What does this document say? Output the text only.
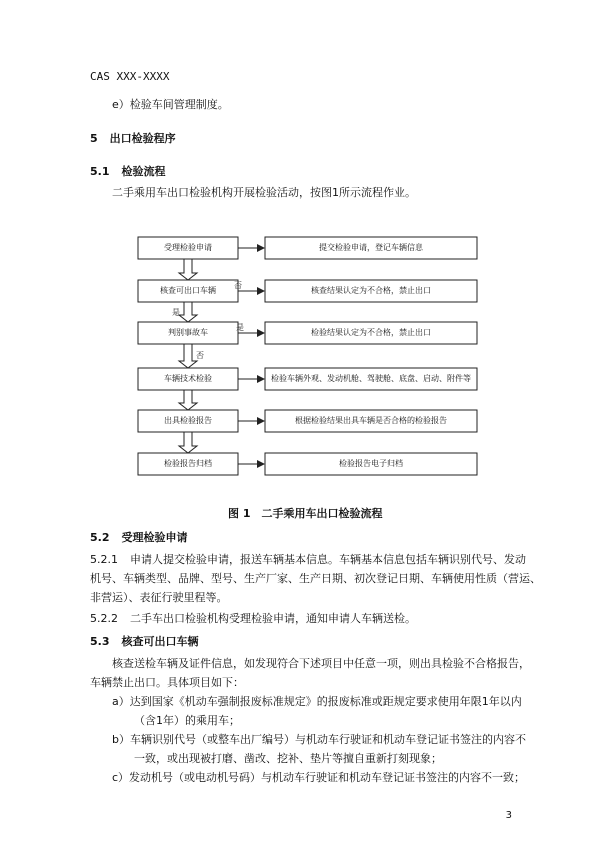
CAS XXX-XXXX
e）检验车间管理制度。
5 出口检验程序
5.1 检验流程
二手乘用车出口检验机构开展检验活动，按图1所示流程作业。
受理检验申请	提交检验申请，登记车辆信息
核查可出口车辆	核查结果认定为不合格，禁止出口
判别事故车	检验结果认定为不合格，禁止出口
车辆技术检验	检验车辆外观、发动机舱、驾驶舱、底盘、启动、附件等
出具检验报告	根据检验结果出具车辆是否合格的检验报告
检验报告归档	检验报告电子归档
否
是
是
否
图 1　二手乘用车出口检验流程
5.2 受理检验申请
5.2.1 申请人提交检验申请，报送车辆基本信息。车辆基本信息包括车辆识别代号、发动
机号、车辆类型、品牌、型号、生产厂家、生产日期、初次登记日期、车辆使用性质（营运、
非营运）、表征行驶里程等。
5.2.2 二手车出口检验机构受理检验申请，通知申请人车辆送检。
5.3 核查可出口车辆
核查送检车辆及证件信息，如发现符合下述项目中任意一项，则出具检验不合格报告，
车辆禁止出口。具体项目如下：
a）达到国家《机动车强制报废标准规定》的报废标准或距规定要求使用年限1年以内
（含1年）的乘用车；
b）车辆识别代号（或整车出厂编号）与机动车行驶证和机动车登记证书签注的内容不
一致，或出现被打磨、凿改、挖补、垫片等擅自重新打刻现象；
c）发动机号（或电动机号码）与机动车行驶证和机动车登记证书签注的内容不一致；
3
